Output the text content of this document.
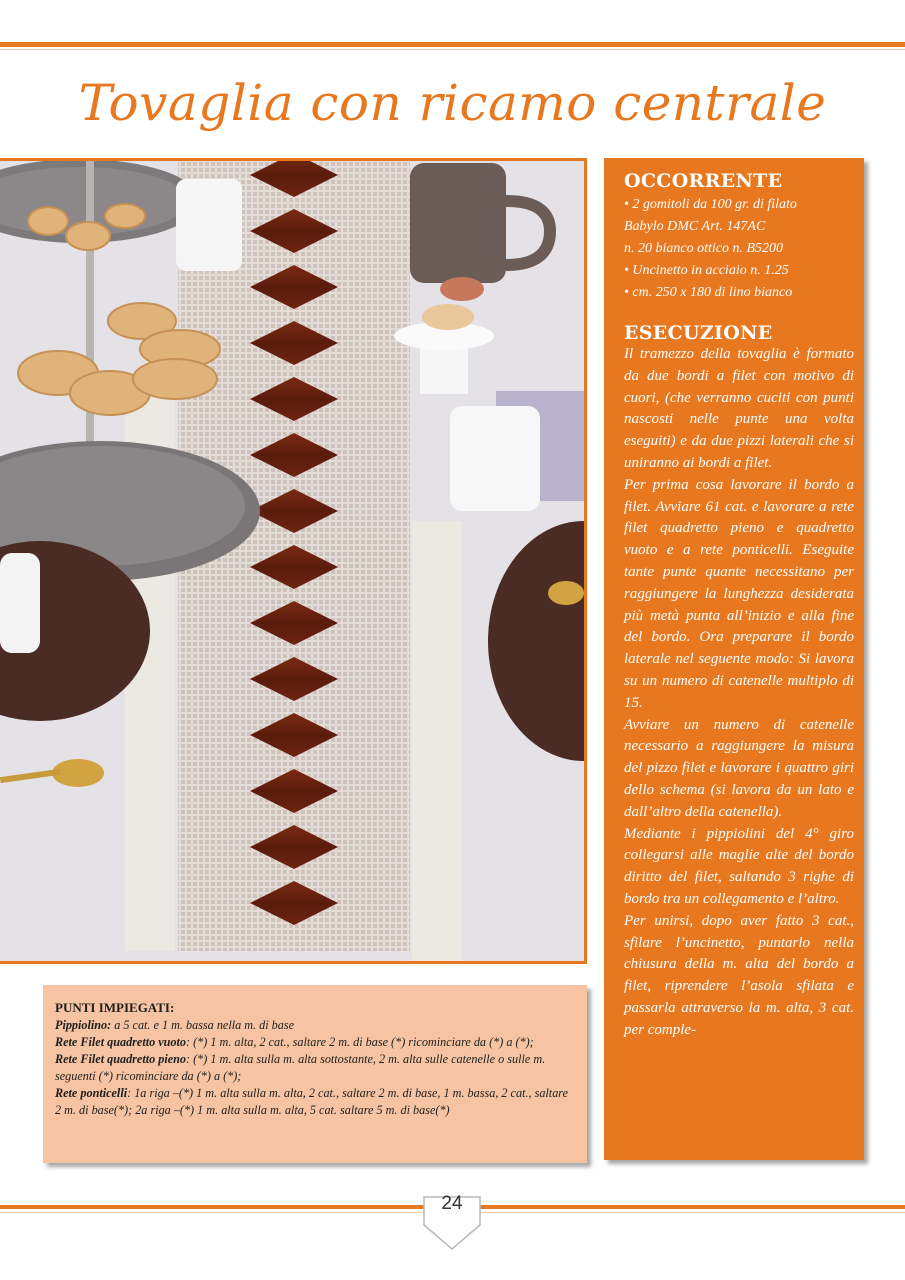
Tovaglia con ricamo centrale
OCCORRENTE
• 2 gomitoli da 100 gr. di filato
Babylo DMC Art. 147AC
n. 20 bianco ottico n. B5200
• Uncinetto in acciaio n. 1.25
• cm. 250 x 180 di lino bianco
ESECUZIONE

Il tramezzo della tovaglia è formato da due bordi a filet con motivo di cuori, (che verranno cuciti con punti nascosti nelle punte una volta eseguiti) e da due pizzi laterali che si uniranno ai bordi a filet.

Per prima cosa lavorare il bordo a filet. Avviare 61 cat. e lavorare a rete filet quadretto pieno e quadretto vuoto e a rete ponticelli. Eseguite tante punte quante necessitano per raggiungere la lunghezza desiderata più metà punta all’inizio e alla fine del bordo. Ora preparare il bordo laterale nel seguente modo: Si lavora su un numero di catenelle multiplo di 15.

Avviare un numero di catenelle necessario a raggiungere la misura del pizzo filet e lavorare i quattro giri dello schema (si lavora da un lato e dall’altro della catenella).

Mediante i pippiolini del 4° giro collegarsi alle maglie alte del bordo diritto del filet, saltando 3 righe di bordo tra un collegamento e l’altro.

Per unirsi, dopo aver fatto 3 cat., sfilare l’uncinetto, puntarlo nella chiusura della m. alta del bordo a filet, riprendere l’asola sfilata e passarla attraverso la m. alta, 3 cat. per comple-

PUNTI IMPIEGATI:

Pippiolino: a 5 cat. e 1 m. bassa nella m. di base

Rete Filet quadretto vuoto: (*) 1 m. alta, 2 cat., saltare 2 m. di base (*) ricominciare da (*) a (*);

Rete Filet quadretto pieno: (*) 1 m. alta sulla m. alta sottostante, 2 m. alta sulle catenelle o sulle m. seguenti (*) ricominciare da (*) a (*);

Rete ponticelli: 1a riga –(*) 1 m. alta sulla m. alta, 2 cat., saltare 2 m. di base, 1 m. bassa, 2 cat., saltare 2 m. di base(*); 2a riga –(*) 1 m. alta sulla m. alta, 5 cat. saltare 5 m. di base(*)

24
